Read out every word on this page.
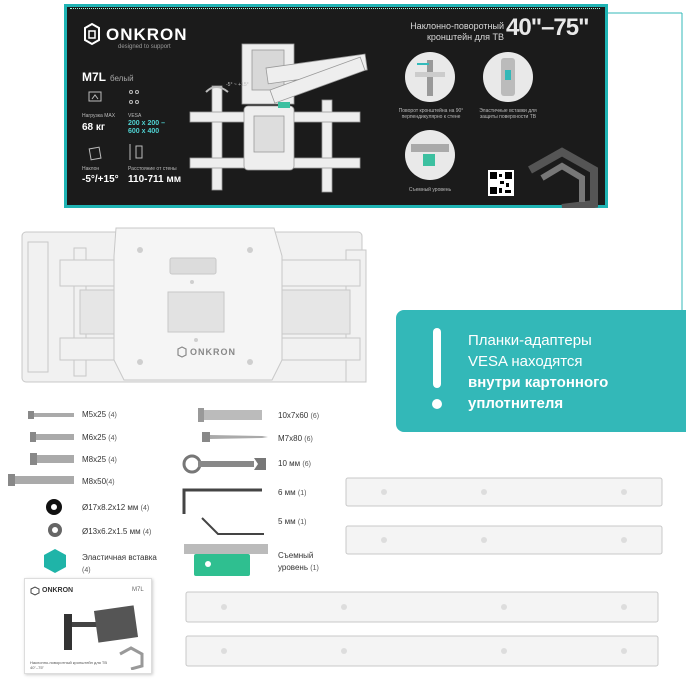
ONKRON
designed to support
M7L белый
Нагрузка MAX
68 кг
VESA
200 x 200 – 600 x 400
Наклон
-5°/+15°
Расстояние от стены
110-711 мм
-5° ~ +15°
Наклонно-поворотный кронштейн для ТВ 40"–75"
Поворот кронштейна на 90° перпендикулярно к стене
Эластичные вставки для защиты поверхности ТВ
Съемный уровень
ONKRON
Планки-адаптеры
VESA находятся
внутри картонного
уплотнителя
M5x25 (4)
M6x25 (4)
M8x25 (4)
M8x50(4)
Ø17x8.2x12 мм (4)
Ø13x6.2x1.5 мм (4)
Эластичная вставка (4)
10x7x60 (6)
M7x80 (6)
10 мм (6)
6 мм (1)
5 мм (1)
Съемный уровень (1)
ONKRON	M7L
Наклонно-поворотный кронштейн для ТВ 40"–75"
